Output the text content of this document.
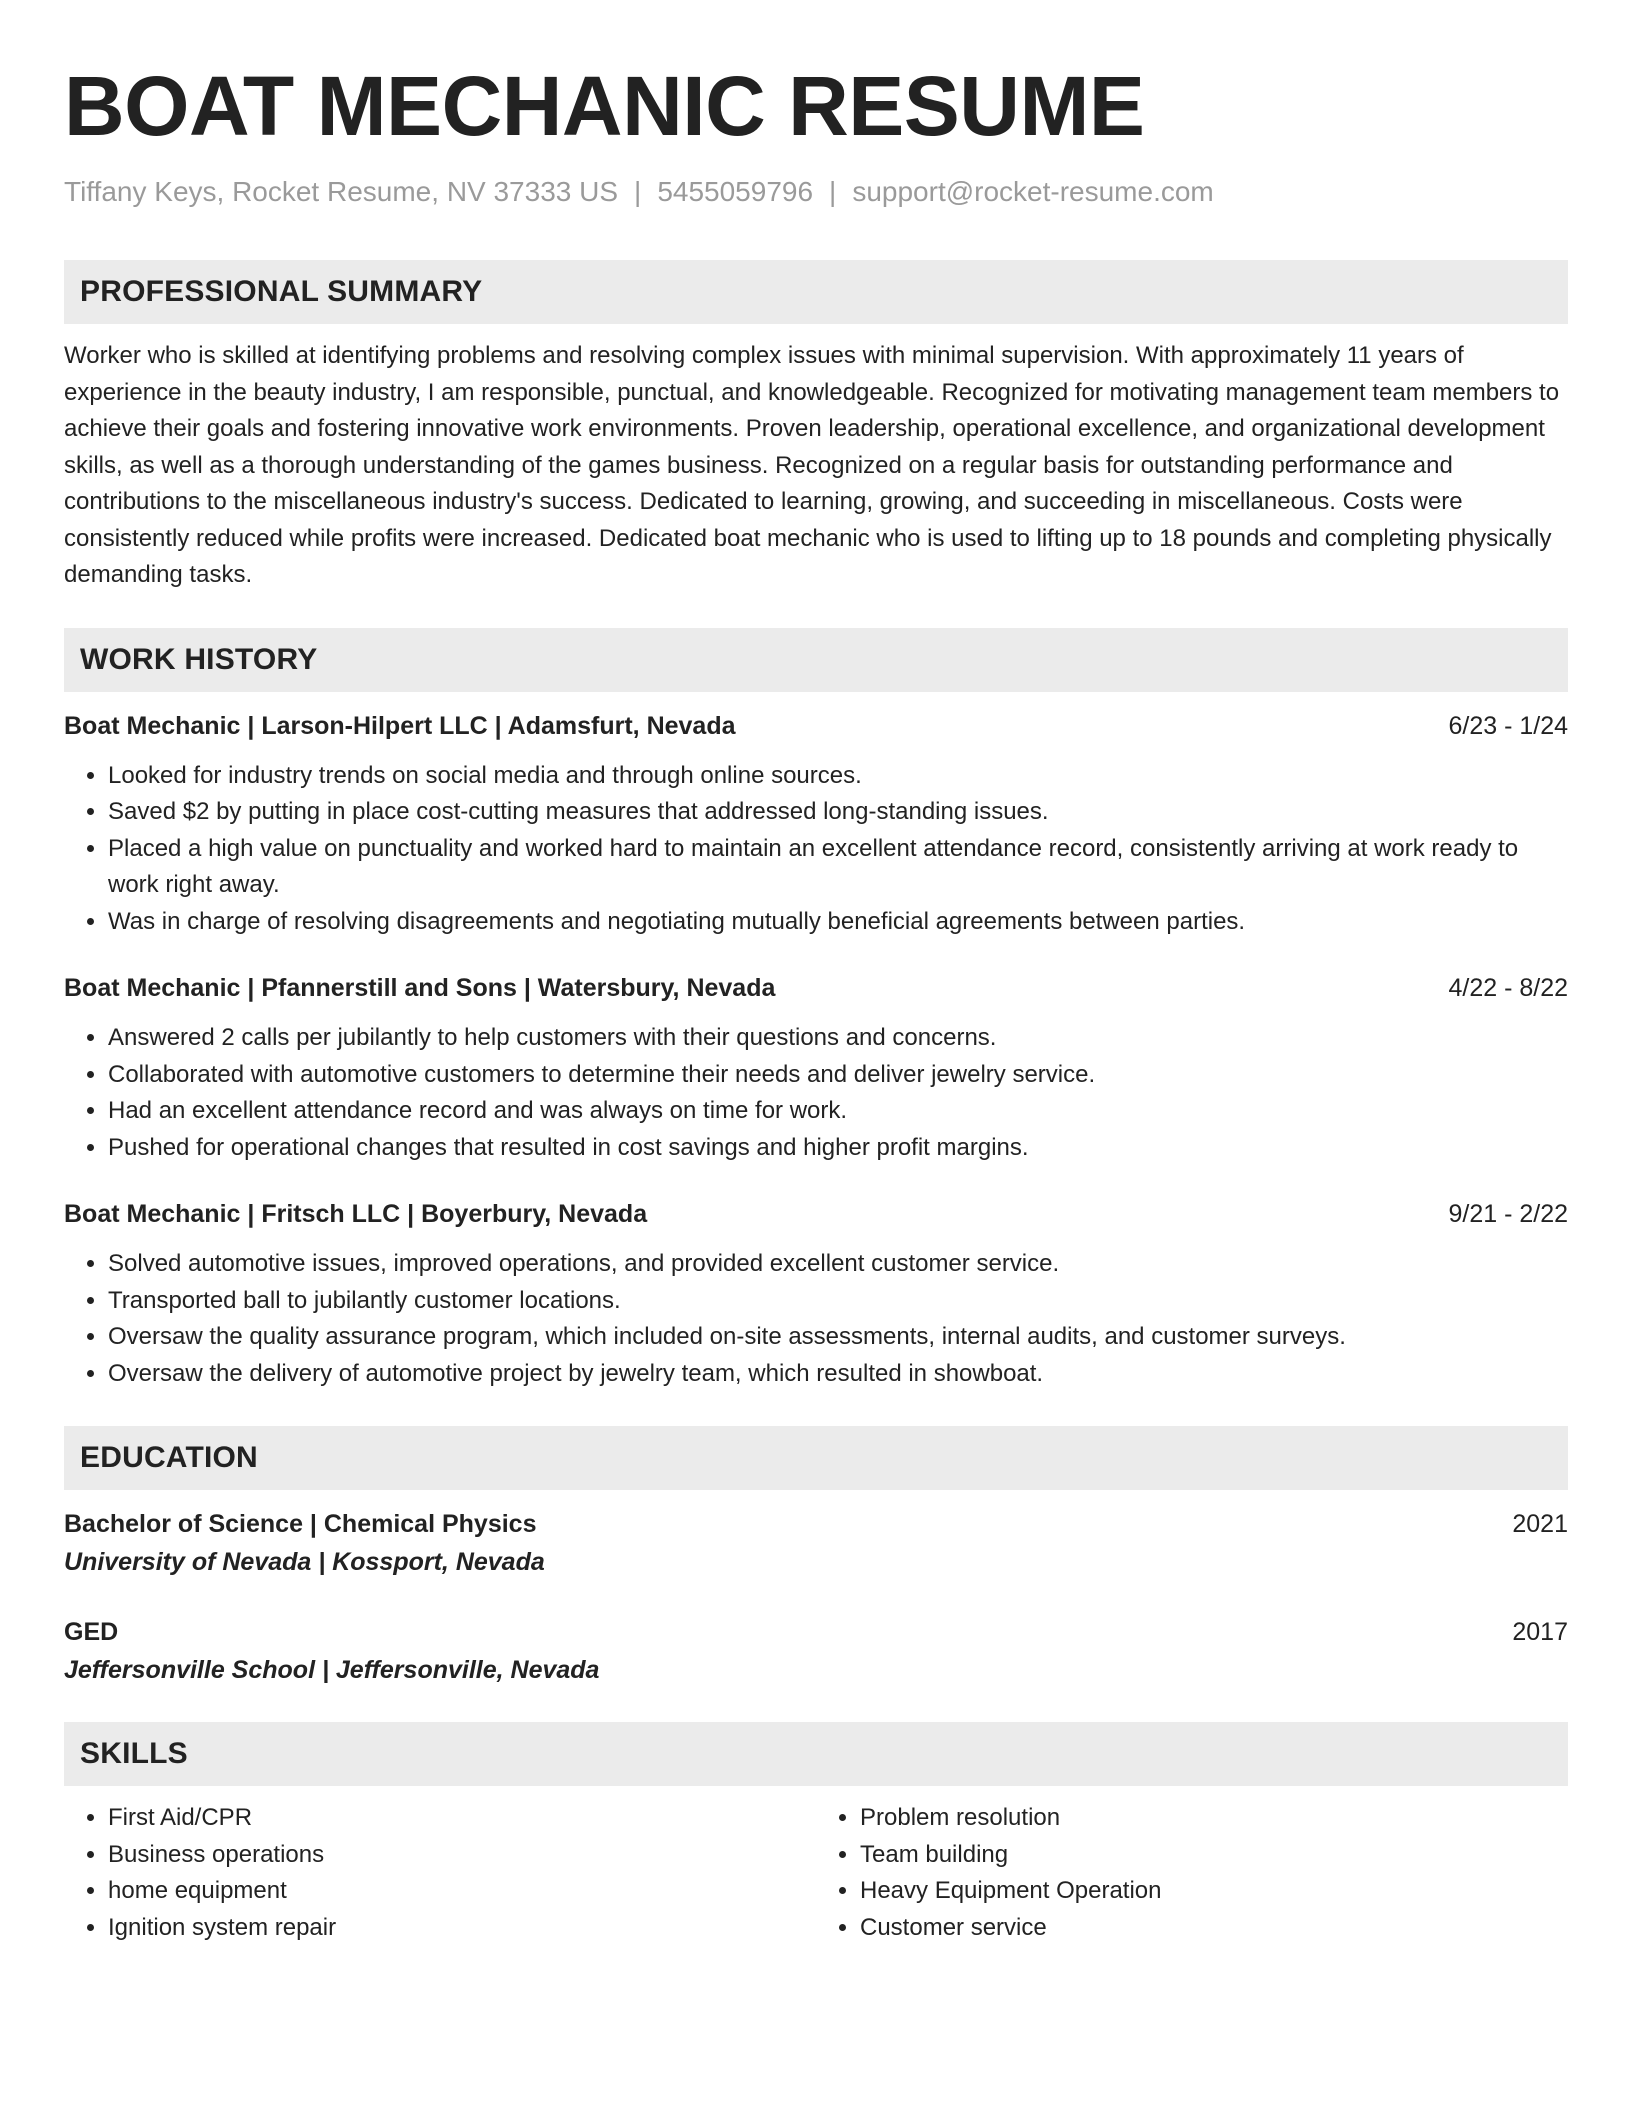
BOAT MECHANIC RESUME
Tiffany Keys, Rocket Resume, NV 37333 US | 5455059796 | support@rocket-resume.com
PROFESSIONAL SUMMARY
Worker who is skilled at identifying problems and resolving complex issues with minimal supervision. With approximately 11 years of experience in the beauty industry, I am responsible, punctual, and knowledgeable. Recognized for motivating management team members to achieve their goals and fostering innovative work environments. Proven leadership, operational excellence, and organizational development skills, as well as a thorough understanding of the games business. Recognized on a regular basis for outstanding performance and contributions to the miscellaneous industry's success. Dedicated to learning, growing, and succeeding in miscellaneous. Costs were consistently reduced while profits were increased. Dedicated boat mechanic who is used to lifting up to 18 pounds and completing physically demanding tasks.
WORK HISTORY
Boat Mechanic | Larson-Hilpert LLC | Adamsfurt, Nevada	6/23 - 1/24
• Looked for industry trends on social media and through online sources.
• Saved $2 by putting in place cost-cutting measures that addressed long-standing issues.
• Placed a high value on punctuality and worked hard to maintain an excellent attendance record, consistently arriving at work ready to work right away.
• Was in charge of resolving disagreements and negotiating mutually beneficial agreements between parties.
Boat Mechanic | Pfannerstill and Sons | Watersbury, Nevada	4/22 - 8/22
• Answered 2 calls per jubilantly to help customers with their questions and concerns.
• Collaborated with automotive customers to determine their needs and deliver jewelry service.
• Had an excellent attendance record and was always on time for work.
• Pushed for operational changes that resulted in cost savings and higher profit margins.
Boat Mechanic | Fritsch LLC | Boyerbury, Nevada	9/21 - 2/22
• Solved automotive issues, improved operations, and provided excellent customer service.
• Transported ball to jubilantly customer locations.
• Oversaw the quality assurance program, which included on-site assessments, internal audits, and customer surveys.
• Oversaw the delivery of automotive project by jewelry team, which resulted in showboat.
EDUCATION
Bachelor of Science | Chemical Physics	2021
University of Nevada | Kossport, Nevada
GED	2017
Jeffersonville School | Jeffersonville, Nevada
SKILLS
• First Aid/CPR
• Business operations
• home equipment
• Ignition system repair
• Problem resolution
• Team building
• Heavy Equipment Operation
• Customer service
